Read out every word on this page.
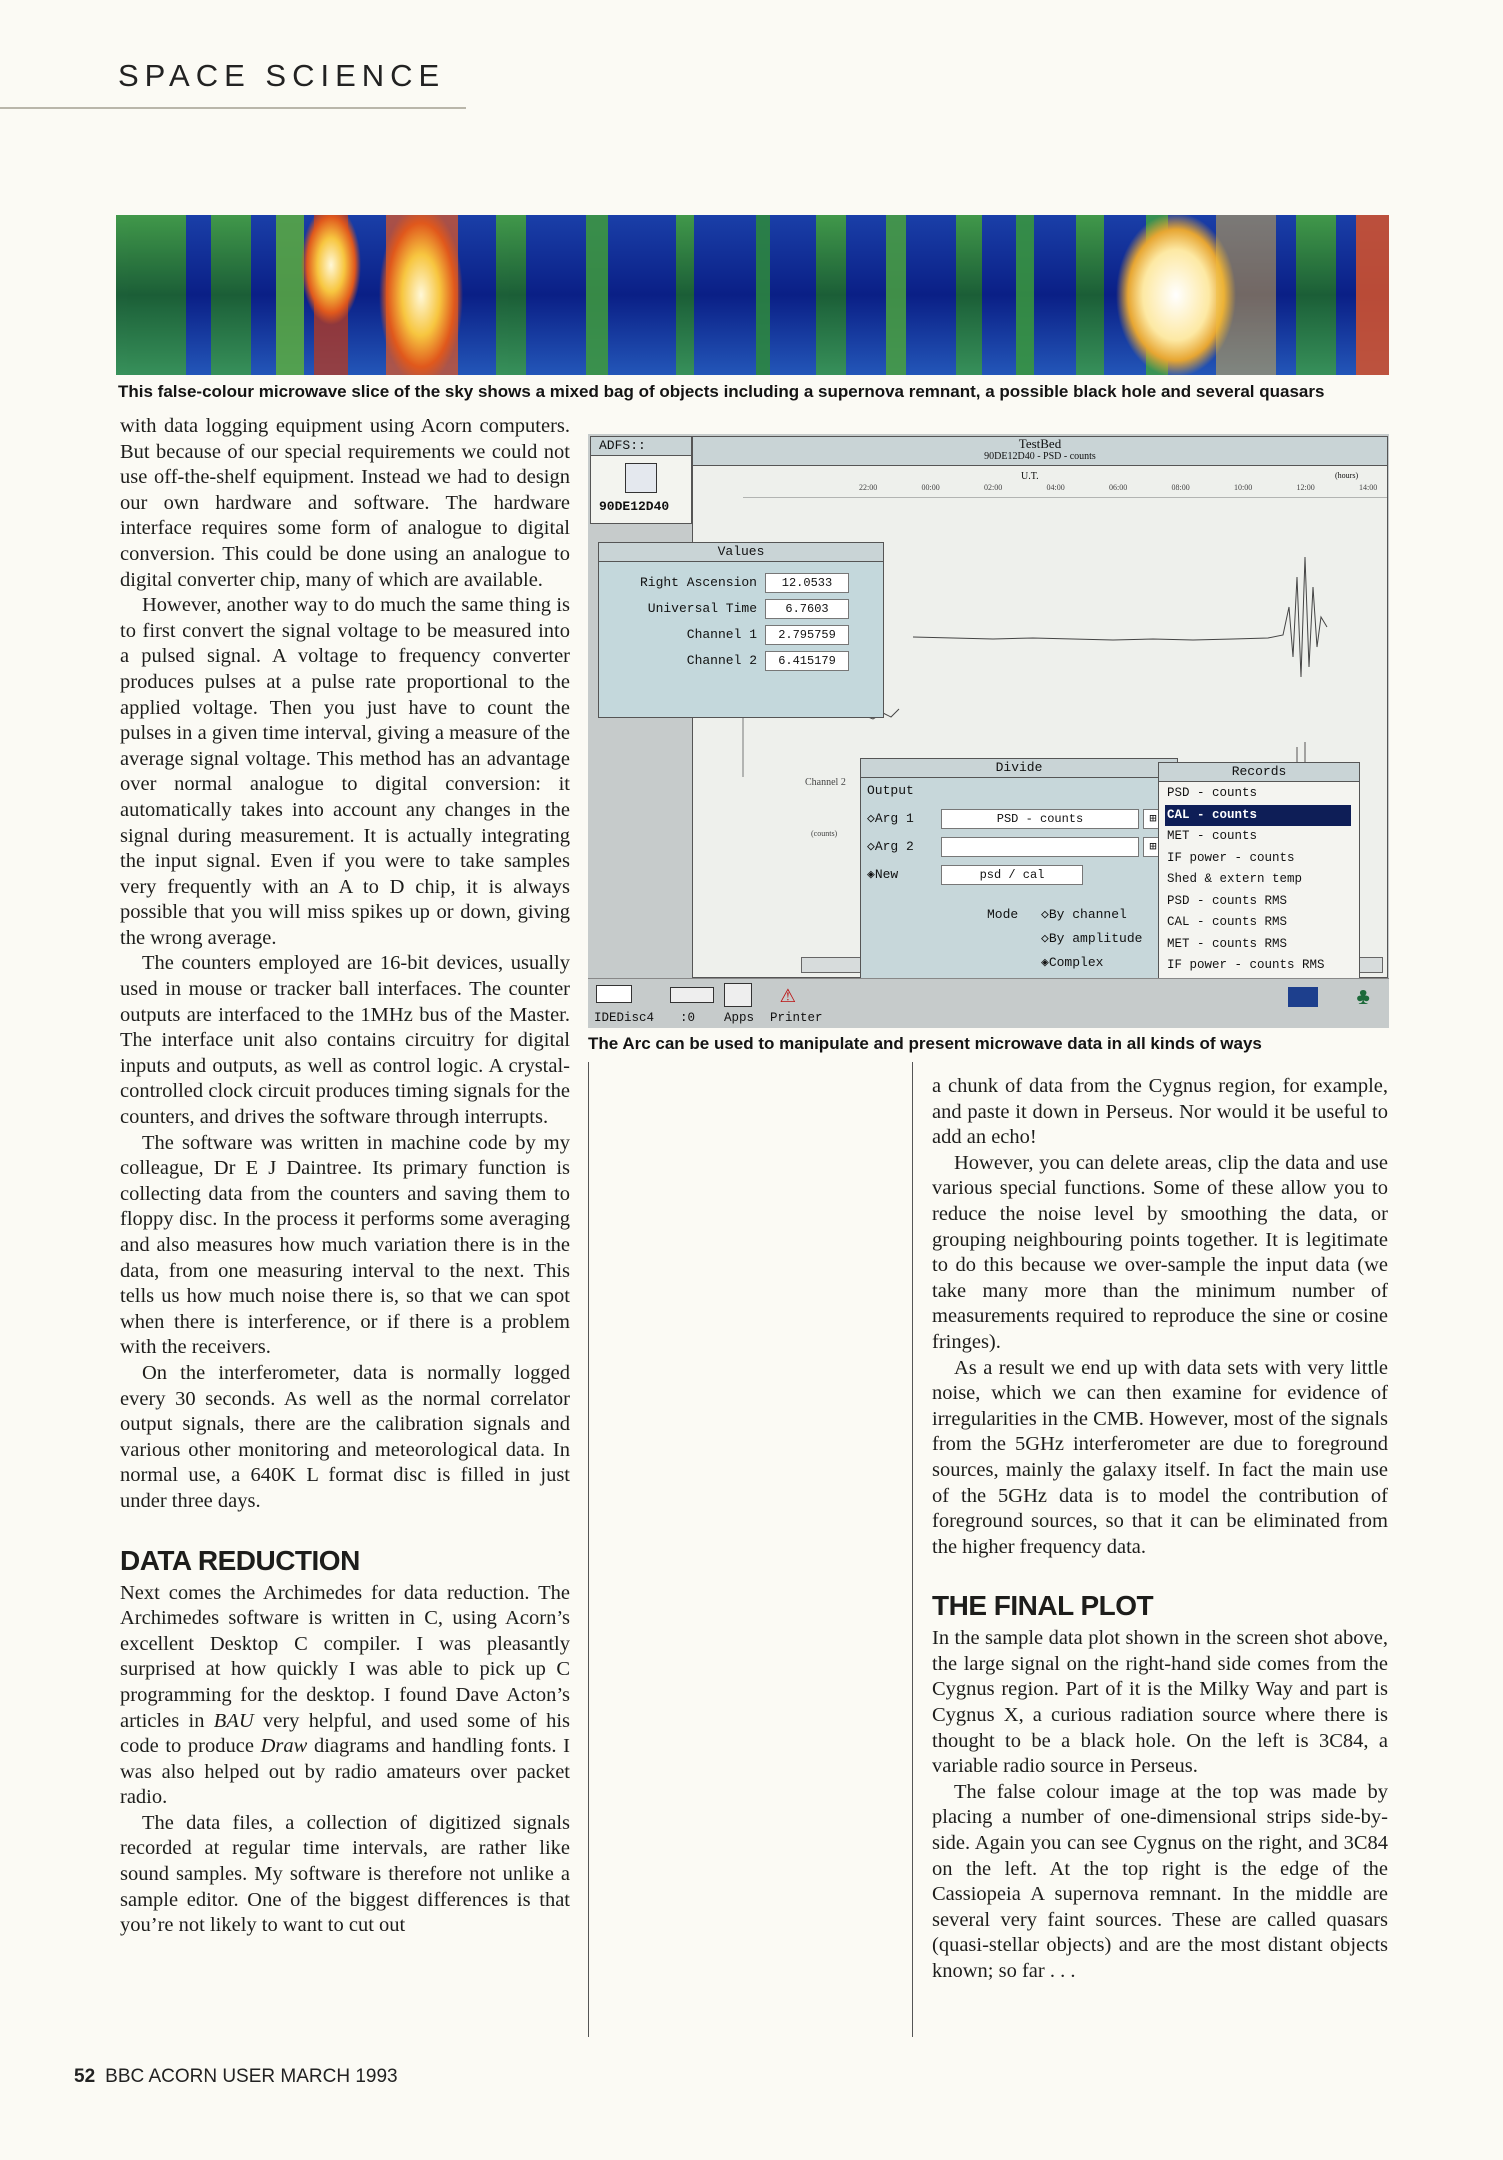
SPACE SCIENCE
This false-colour microwave slice of the sky shows a mixed bag of objects including a supernova remnant, a possible black hole and several quasars

with data logging equipment using Acorn computers. But because of our special requirements we could not use off-the-shelf equipment. Instead we had to design our own hardware and software. The hardware interface requires some form of analogue to digital conversion. This could be done using an analogue to digital converter chip, many of which are available.

However, another way to do much the same thing is to first convert the signal voltage to be measured into a pulsed signal. A voltage to frequency converter produces pulses at a pulse rate proportional to the applied voltage. Then you just have to count the pulses in a given time interval, giving a measure of the average signal voltage. This method has an advantage over normal analogue to digital conversion: it automatically takes into account any changes in the signal during measurement. It is actually integrating the input signal. Even if you were to take samples very frequently with an A to D chip, it is always possible that you will miss spikes up or down, giving the wrong average.

The counters employed are 16-bit devices, usually used in mouse or tracker ball interfaces. The counter outputs are interfaced to the 1MHz bus of the Master. The interface unit also contains circuitry for digital inputs and outputs, as well as control logic. A crystal-controlled clock circuit produces timing signals for the counters, and drives the software through interrupts.

The software was written in machine code by my colleague, Dr E J Daintree. Its primary function is collecting data from the counters and saving them to floppy disc. In the process it performs some averaging and also measures how much variation there is in the data, from one measuring interval to the next. This tells us how much noise there is, so that we can spot when there is interference, or if there is a problem with the receivers.

On the interferometer, data is normally logged every 30 seconds. As well as the normal correlator output signals, there are the calibration signals and various other monitoring and meteorological data. In normal use, a 640K L format disc is filled in just under three days.

DATA REDUCTION

Next comes the Archimedes for data reduction. The Archimedes software is written in C, using Acorn’s excellent Desktop C compiler. I was pleasantly surprised at how quickly I was able to pick up C programming for the desktop. I found Dave Acton’s articles in BAU very helpful, and used some of his code to produce Draw diagrams and handling fonts. I was also helped out by radio amateurs over packet radio.

The data files, a collection of digitized signals recorded at regular time intervals, are rather like sound samples. My software is therefore not unlike a sample editor. One of the biggest differences is that you’re not likely to want to cut out

ADFS::
90DE12D40
TestBed
90DE12D40 - PSD - counts
U.T.	(hours)
22:00	00:00	02:00	04:00	06:00	08:00	10:00	12:00	14:00
Channel 2
(counts)
Values
Right Ascension	12.0533
Universal Time	6.7603
Channel 1	2.795759
Channel 2	6.415179
Divide
Output
◇Arg 1	PSD - counts	⊞
◇Arg 2	⊞
◈New	psd / cal
Mode ◇By channel
◇By amplitude
◈Complex
Records
PSD - counts
CAL - counts
MET - counts
IF power - counts
Shed & extern temp
PSD - counts RMS
CAL - counts RMS
MET - counts RMS
IF power - counts RMS
⚠
IDEDisc4 :0 Apps Printer
♣
The Arc can be used to manipulate and present microwave data in all kinds of ways

a chunk of data from the Cygnus region, for example, and paste it down in Perseus. Nor would it be useful to add an echo!

However, you can delete areas, clip the data and use various special functions. Some of these allow you to reduce the noise level by smoothing the data, or grouping neighbouring points together. It is legitimate to do this because we over-sample the input data (we take many more than the minimum number of measurements required to reproduce the sine or cosine fringes).

As a result we end up with data sets with very little noise, which we can then examine for evidence of irregularities in the CMB. However, most of the signals from the 5GHz interferometer are due to foreground sources, mainly the galaxy itself. In fact the main use of the 5GHz data is to model the contribution of foreground sources, so that it can be eliminated from the higher frequency data.

THE FINAL PLOT

In the sample data plot shown in the screen shot above, the large signal on the right-hand side comes from the Cygnus region. Part of it is the Milky Way and part is Cygnus X, a curious radiation source where there is thought to be a black hole. On the left is 3C84, a variable radio source in Perseus.

The false colour image at the top was made by placing a number of one-dimensional strips side-by-side. Again you can see Cygnus on the right, and 3C84 on the left. At the top right is the edge of the Cassiopeia A supernova remnant. In the middle are several very faint sources. These are called quasars (quasi-stellar objects) and are the most distant objects known; so far . . .

52 BBC ACORN USER MARCH 1993
